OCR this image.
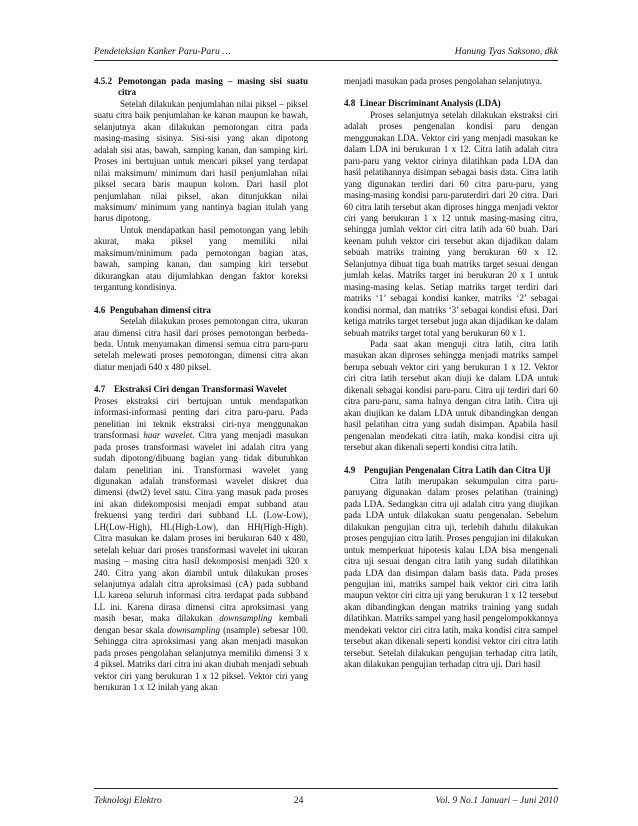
Pendeteksian Kanker Paru-Paru …	Hanung Tyas Saksono, dkk
4.5.2 Pemotongan pada masing – masing sisi suatu citra

Setelah dilakukan penjumlahan nilai piksel – piksel suatu citra baik penjumlahan ke kanan maupun ke bawah, selanjutnya akan dilakukan pemotongan citra pada masing-masing sisinya. Sisi-sisi yang akan dipotong adalah sisi atas, bawah, samping kanan, dan samping kiri. Proses ini bertujuan untuk mencari piksel yang terdapat nilai maksimum/ minimum dari hasil penjumlahan nilai piksel secara baris maupun kolom. Dari hasil plot penjumlahan nilai piksel, akan ditunjukkan nilai maksimum/ minimum yang nantinya bagian itulah yang harus dipotong.

Untuk mendapatkan hasil pemotongan yang lebih akurat, maka piksel yang memiliki nilai maksimum/minimum pada pemotongan bagian atas, bawah, samping kanan, dan samping kiri tersebut dikurangkan atau dijumlahkan dengan faktor koreksi tergantung kondisinya.

4.6 Pengubahan dimensi citra

Setelah dilakukan proses pemotongan citra, ukuran atau dimensi citra hasil dari proses pemotongan berbeda-beda. Untuk menyamakan dimensi semua citra paru-paru setelah melewati proses pemotongan, dimensi citra akan diatur menjadi 640 x 480 piksel.

4.7 Ekstraksi Ciri dengan Transformasi Wavelet

Proses ekstraksi ciri bertujuan untuk mendapatkan informasi-informasi penting dari citra paru-paru. Pada penelitian ini teknik ekstraksi ciri-nya menggunakan transformasi haar wavelet. Citra yang menjadi masukan pada proses transformasi wavelet ini adalah citra yang sudah dipotong/dibuang bagian yang tidak dibutuhkan dalam penelitian ini. Transformasi wavelet yang digunakan adalah transformasi wavelet diskret dua dimensi (dwt2) level satu. Citra yang masuk pada proses ini akan didekomposisi menjadi empat subband atau frekuensi yang terdiri dari subband LL (Low-Low), LH(Low-High), HL(High-Low), dan HH(High-High). Citra masukan ke dalam proses ini berukuran 640 x 480, setelah keluar dari proses transformasi wavelet ini ukuran masing – masing citra hasil dekomposisi menjadi 320 x 240. Citra yang akan diambil untuk dilakukan proses selanjutnya adalah citra aproksimasi (cA) pada subband LL karena seluruh informasi citra terdapat pada subband LL ini. Karena dirasa dimensi citra aproksimasi yang masih besar, maka dilakukan downsampling kembali dengan besar skala downsampling (nsample) sebesar 100. Sehingga citra aproksimasi yang akan menjadi masukan pada proses pengolahan selanjutnya memiliki dimensi 3 x 4 piksel. Matriks dari citra ini akan diubah menjadi sebuah vektor ciri yang berukuran 1 x 12 piksel. Vektor ciri yang berukuran 1 x 12 inilah yang akan

menjadi masukan pada proses pengolahan selanjutnya.

4.8 Linear Discriminant Analysis (LDA)

Proses selanjutnya setelah dilakukan ekstraksi ciri adalah proses pengenalan kondisi paru dengan menggunakan LDA. Vektor ciri yang menjadi masukan ke dalam LDA ini berukuran 1 x 12. Citra latih adalah citra paru-paru yang vektor cirinya dilatihkan pada LDA dan hasil pelatihannya disimpan sebagai basis data. Citra latih yang digunakan terdiri dari 60 citra paru-paru, yang masing-masing kondisi paru-paruterdiri dari 20 citra. Dari 60 citra latih tersebut akan diproses hingga menjadi vektor ciri yang berukuran 1 x 12 untuk masing-masing citra, sehingga jumlah vektor ciri citra latih ada 60 buah. Dari keenam puluh vektor ciri tersebut akan dijadikan dalam sebuah matriks training yang berukuran 60 x 12. Selanjutnya dibuat tiga buah matriks target sesuai dengan jumlah kelas. Matriks target ini berukuran 20 x 1 untuk masing-masing kelas. Setiap matriks target terdiri dari matriks ‘1’ sebagai kondisi kanker, matriks ‘2’ sebagai kondisi normal, dan matriks ‘3’ sebagai kondisi efusi. Dari ketiga matriks target tersebut juga akan dijadikan ke dalam sebuah matriks target total yang berukuran 60 x 1.

Pada saat akan menguji citra latih, citra latih masukan akan diproses sehingga menjadi matriks sampel berupa sebuah vektor ciri yang berukuran 1 x 12. Vektor ciri citra latih tersebut akan diuji ke dalam LDA untuk dikenali sebagai kondisi paru-paru. Citra uji terdiri dari 60 citra paru-paru, sama halnya dengan citra latih. Citra uji akan diujikan ke dalam LDA untuk dibandingkan dengan hasil pelatihan citra yang sudah disimpan. Apabila hasil pengenalan mendekati citra latih, maka kondisi citra uji tersebut akan dikenali seperti kondisi citra latih.

4.9 Pengujian Pengenalan Citra Latih dan Citra Uji

Citra latih merupakan sekumpulan citra paru-paruyang digunakan dalam proses pelatihan (training) pada LDA. Sedangkan citra uji adalah citra yang diujikan pada LDA untuk dilakukan suatu pengenalan. Sebelum dilakukan pengujian citra uji, terlebih dahulu dilakukan proses pengujian citra latih. Proses pengujian ini dilakukan untuk memperkuat hipotesis kalau LDA bisa mengenali citra uji sesuai dengan citra latih yang sudah dilatihkan pada LDA dan disimpan dalam basis data. Pada proses pengujian ini, matriks sampel baik vektor ciri citra latih maupun vektor ciri citra uji yang berukuran 1 x 12 tersebut akan dibandingkan dengan matriks training yang sudah dilatihkan. Matriks sampel yang hasil pengelompokkannya mendekati vektor ciri citra latih, maka kondisi citra sampel tersebut akan dikenali seperti kondisi vektor ciri citra latih tersebut. Setelah dilakukan pengujian terhadap citra latih, akan dilakukan pengujian terhadap citra uji. Dari hasil

Teknologi Elektro	24	Vol. 9 No.1 Januari – Juni 2010
